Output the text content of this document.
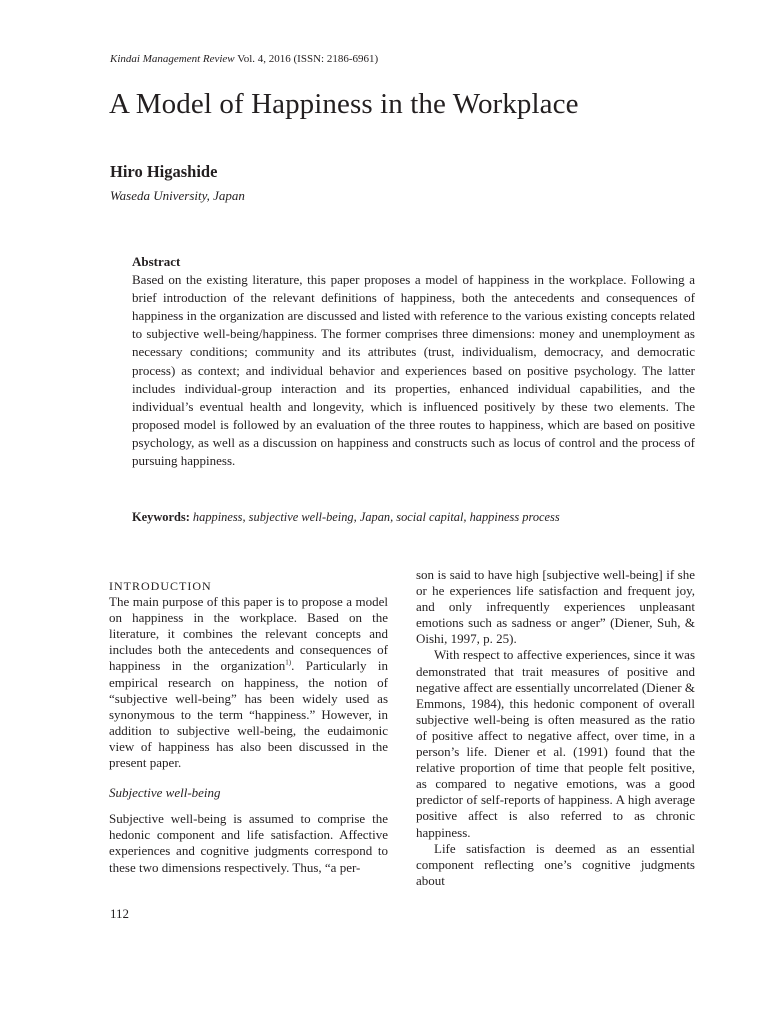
Kindai Management Review Vol. 4, 2016 (ISSN: 2186-6961)
A Model of Happiness in the Workplace

Hiro Higashide

Waseda University, Japan

Abstract

Based on the existing literature, this paper proposes a model of happiness in the workplace. Following a brief introduction of the relevant definitions of happiness, both the antecedents and consequences of happiness in the organization are discussed and listed with reference to the various existing concepts related to subjective well-being/happiness. The former comprises three dimensions: money and unemployment as necessary conditions; community and its attributes (trust, individualism, democracy, and democratic process) as context; and individual behavior and experiences based on positive psychology. The latter includes individual-group interaction and its properties, enhanced individual capabilities, and the individual’s eventual health and longevity, which is influenced positively by these two elements. The proposed model is followed by an evaluation of the three routes to happiness, which are based on positive psychology, as well as a discussion on happiness and constructs such as locus of control and the process of pursuing happiness.

Keywords: happiness, subjective well-being, Japan, social capital, happiness process

INTRODUCTION

The main purpose of this paper is to propose a model on happiness in the workplace. Based on the literature, it combines the relevant concepts and includes both the antecedents and consequences of happiness in the organization$^{1)}$. Particularly in empirical research on happiness, the notion of “subjective well-being” has been widely used as synonymous to the term “happiness.” However, in addition to subjective well-being, the eudaimonic view of happiness has also been discussed in the present paper.

Subjective well-being

Subjective well-being is assumed to comprise the hedonic component and life satisfaction. Affective experiences and cognitive judgments correspond to these two dimensions respectively. Thus, “a per-

son is said to have high [subjective well-being] if she or he experiences life satisfaction and frequent joy, and only infrequently experiences unpleasant emotions such as sadness or anger” (Diener, Suh, & Oishi, 1997, p. 25).

With respect to affective experiences, since it was demonstrated that trait measures of positive and negative affect are essentially uncorrelated (Diener & Emmons, 1984), this hedonic component of overall subjective well-being is often measured as the ratio of positive affect to negative affect, over time, in a person’s life. Diener et al. (1991) found that the relative proportion of time that people felt positive, as compared to negative emotions, was a good predictor of self-reports of happiness. A high average positive affect is also referred to as chronic happiness.

Life satisfaction is deemed as an essential component reflecting one’s cognitive judgments about

112
